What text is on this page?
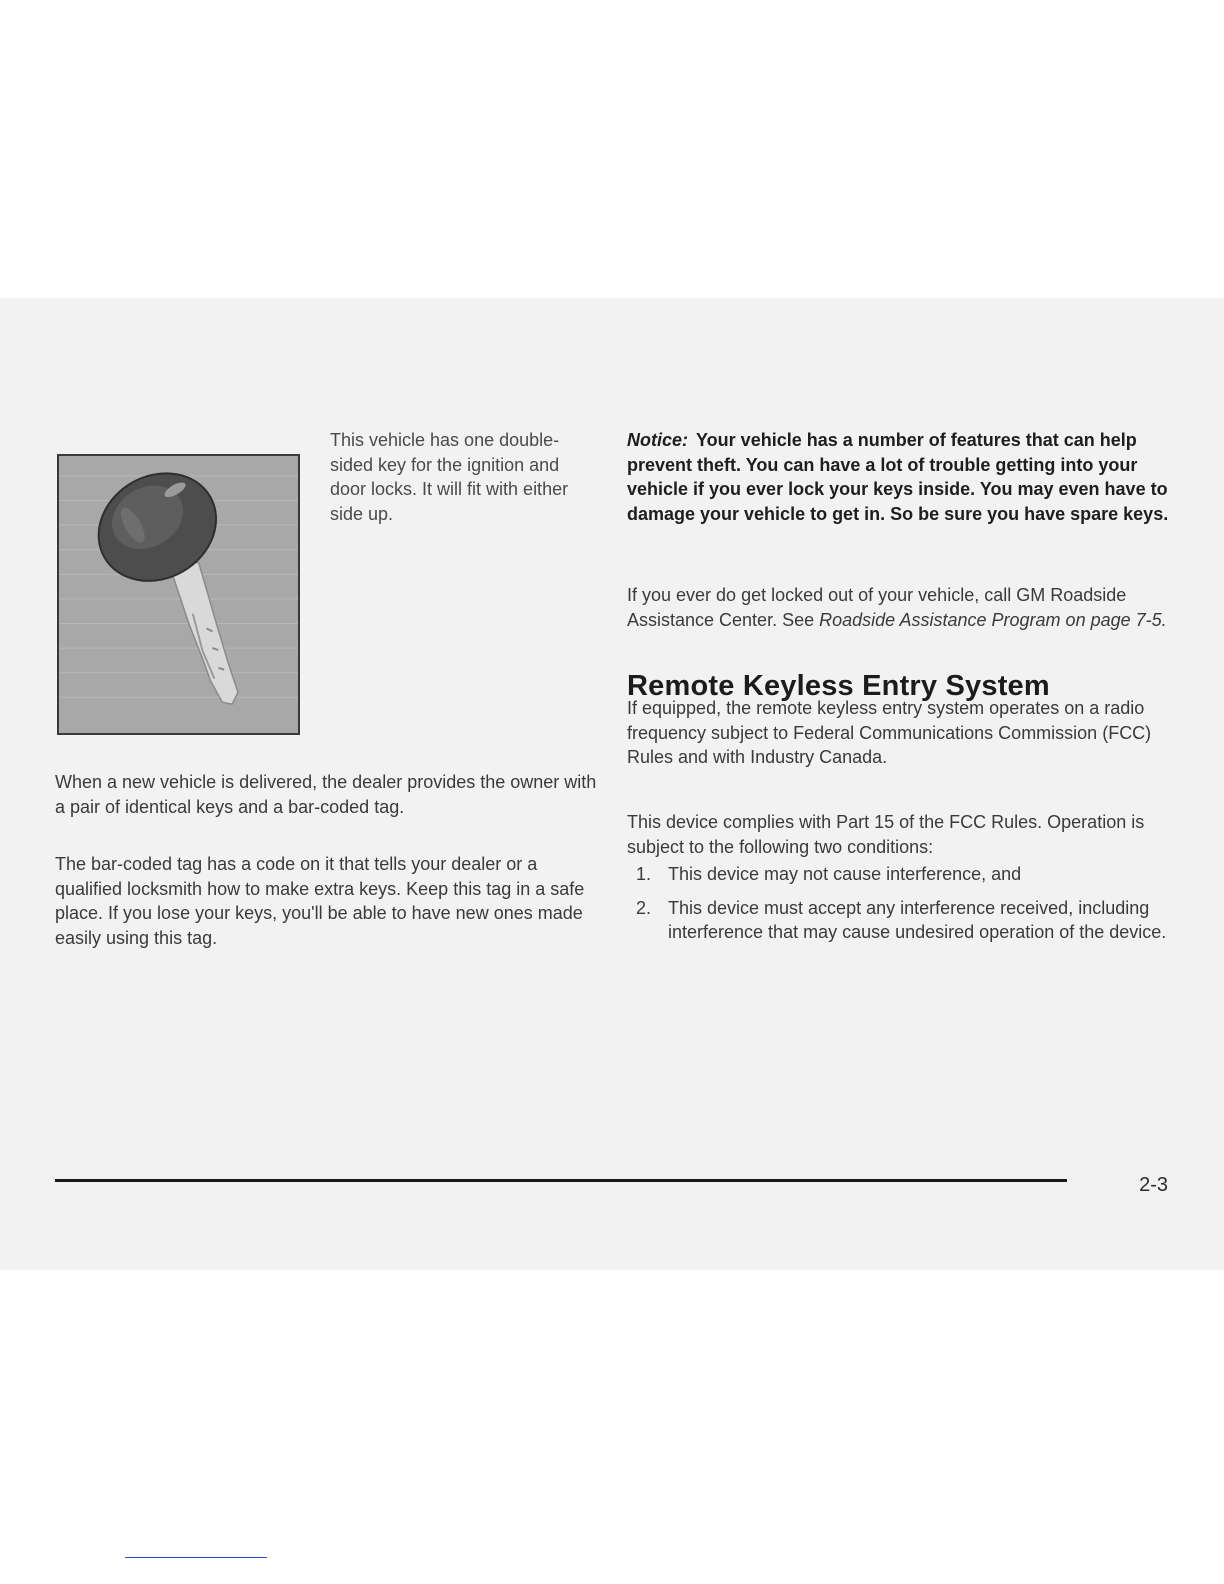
This vehicle has one double-sided key for the ignition and door locks. It will fit with either side up.

When a new vehicle is delivered, the dealer provides the owner with a pair of identical keys and a bar-coded tag.

The bar-coded tag has a code on it that tells your dealer or a qualified locksmith how to make extra keys. Keep this tag in a safe place. If you lose your keys, you'll be able to have new ones made easily using this tag.

Notice: Your vehicle has a number of features that can help prevent theft. You can have a lot of trouble getting into your vehicle if you ever lock your keys inside. You may even have to damage your vehicle to get in. So be sure you have spare keys.

If you ever do get locked out of your vehicle, call GM Roadside Assistance Center. See Roadside Assistance Program on page 7-5.

Remote Keyless Entry System

If equipped, the remote keyless entry system operates on a radio frequency subject to Federal Communications Commission (FCC) Rules and with Industry Canada.

This device complies with Part 15 of the FCC Rules. Operation is subject to the following two conditions:

1. This device may not cause interference, and
2. This device must accept any interference received, including interference that may cause undesired operation of the device.
2-3
